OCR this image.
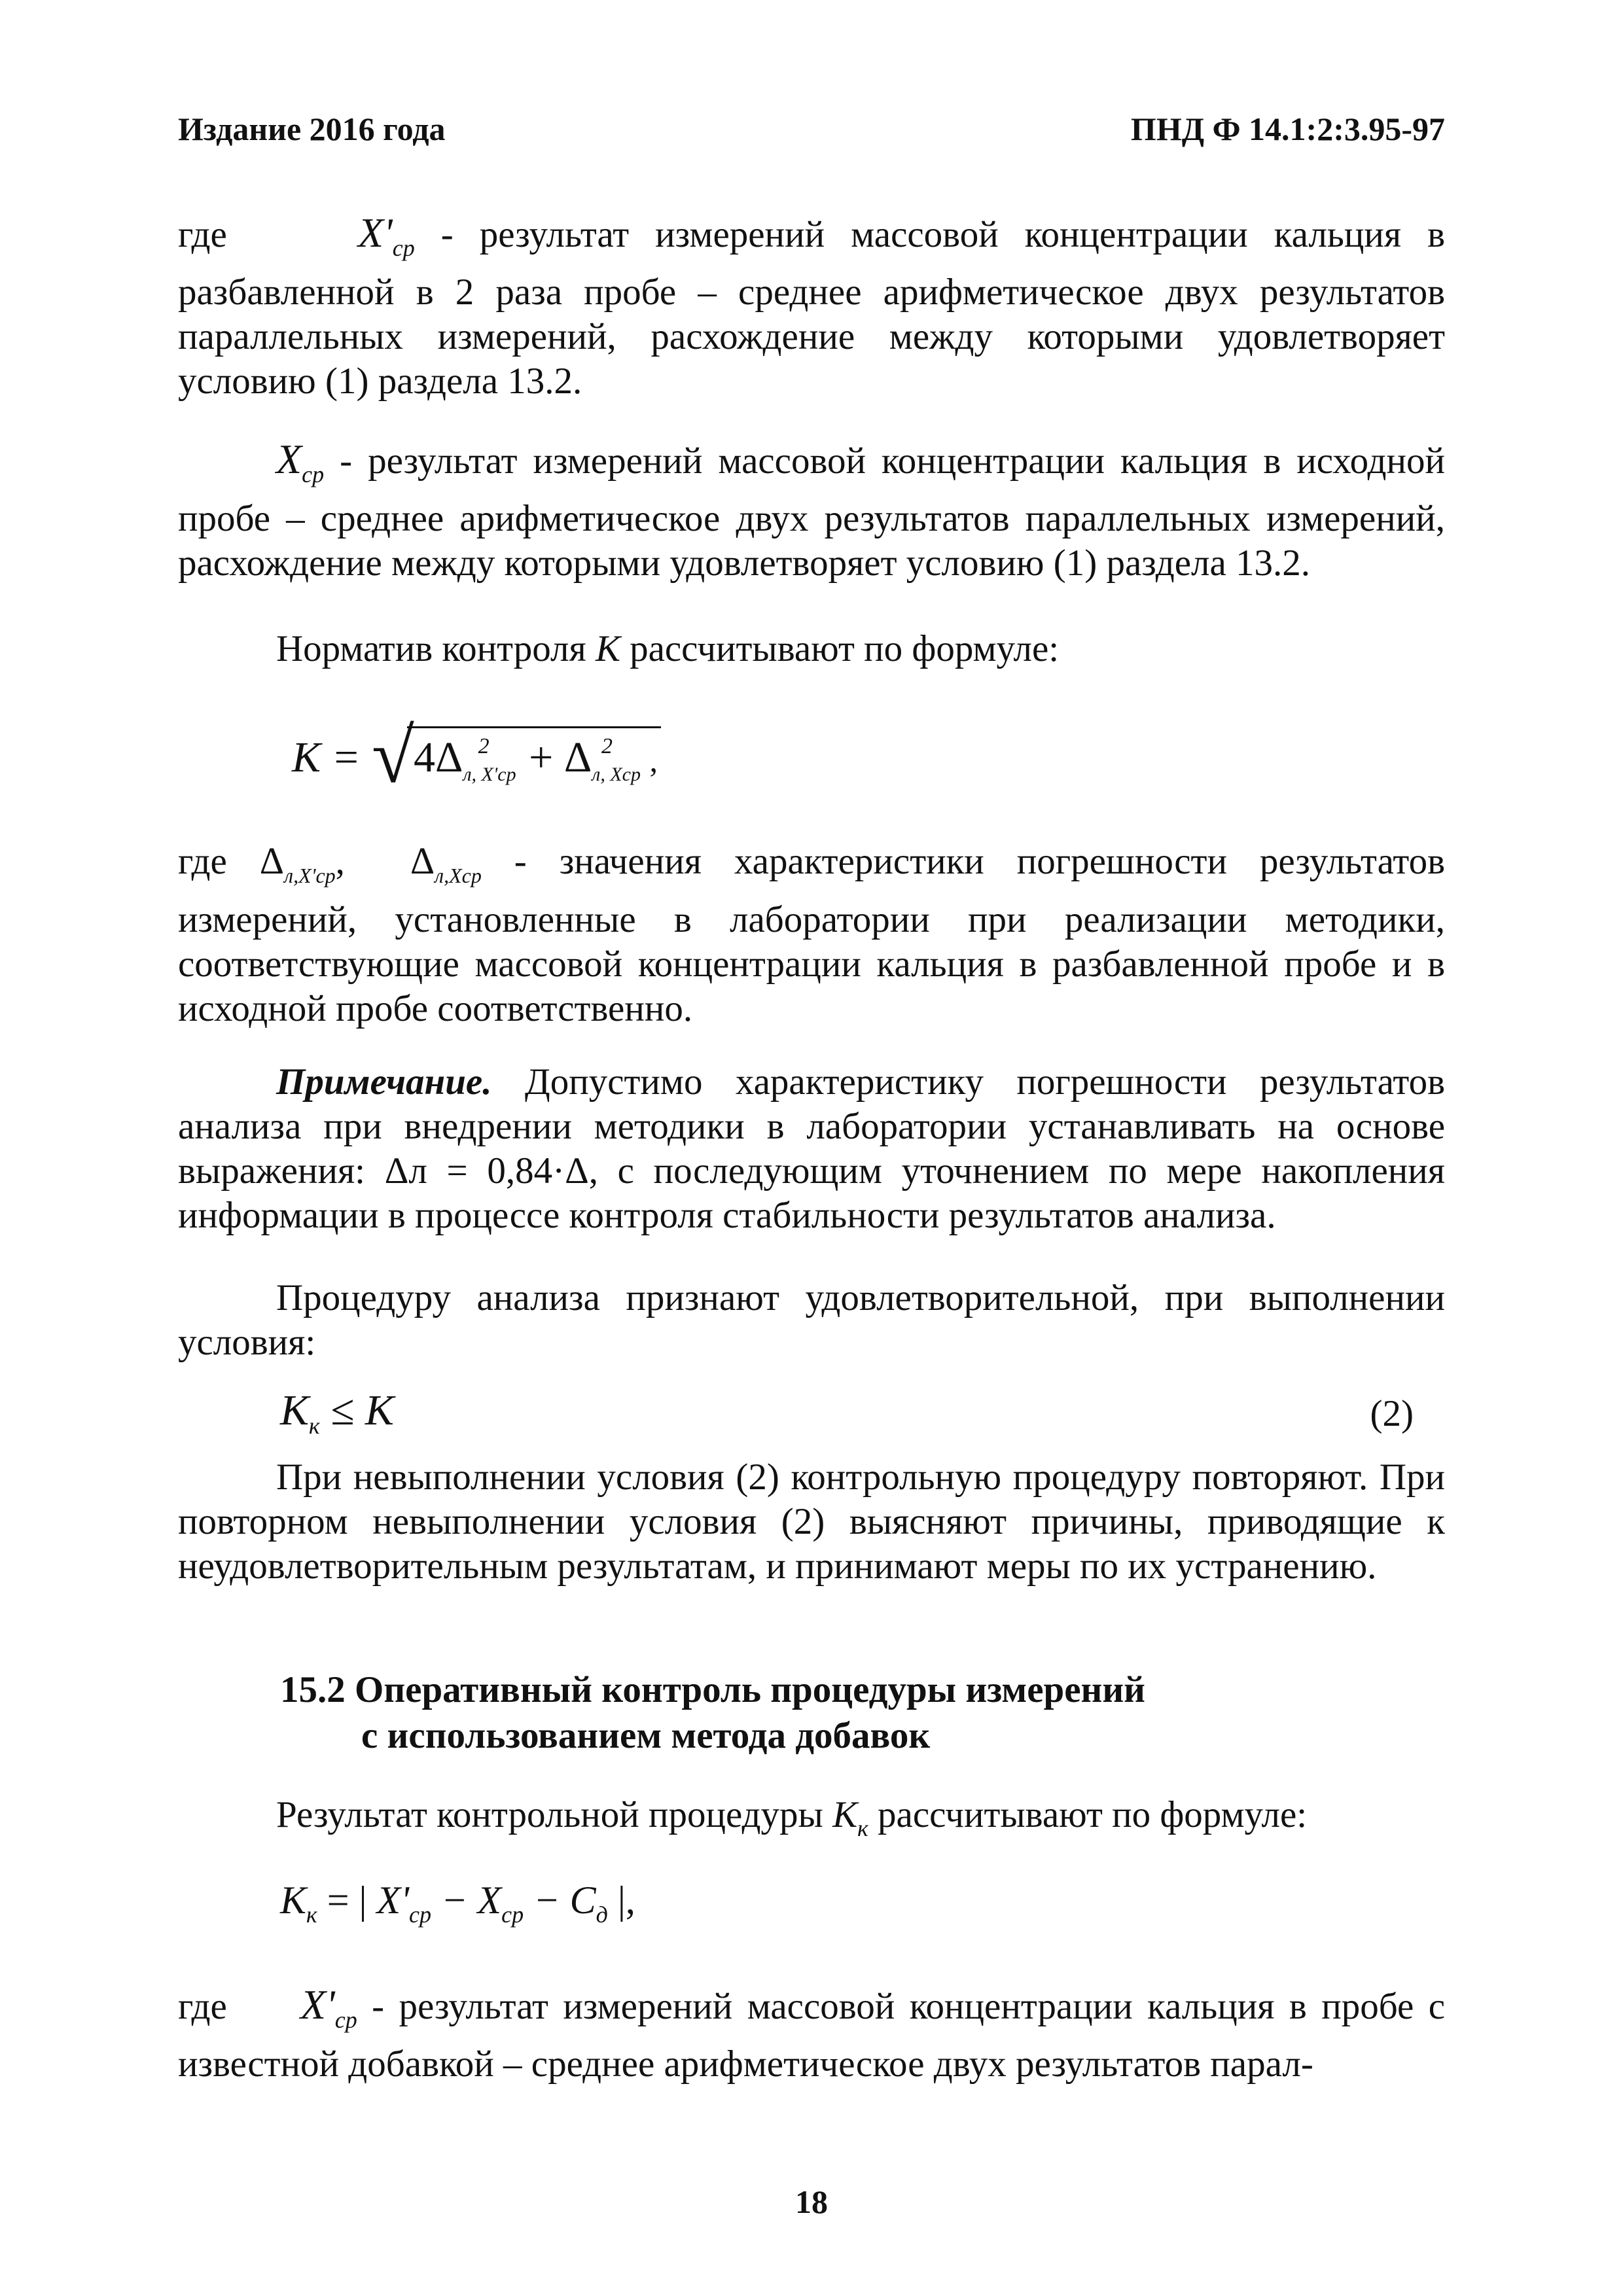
Издание 2016 года	ПНД Ф 14.1:2:3.95-97
где	$X'_{ср}$ - результат измерений массовой концентрации кальция в разбавленной в 2 раза пробе – среднее арифметическое двух результатов параллельных измерений, расхождение между которыми удовлетворяет условию (1) раздела 13.2.
$X_{ср}$ - результат измерений массовой концентрации кальция в исходной пробе – среднее арифметическое двух результатов параллельных измерений, расхождение между которыми удовлетворяет условию (1) раздела 13.2.
Норматив контроля К рассчитывают по формуле:
К = √ $4\Delta_{л, X'ср}^2 + \Delta_{л, Xср}^2$ ,
где $\Delta_{л,X'ср}$, $\Delta_{л,Xср}$ - значения характеристики погрешности результатов измерений, установленные в лаборатории при реализации методики, соответствующие массовой концентрации кальция в разбавленной пробе и в исходной пробе соответственно.
Примечание. Допустимо характеристику погрешности результатов анализа при внедрении методики в лаборатории устанавливать на основе выражения: Δл = 0,84·Δ, с последующим уточнением по мере накопления информации в процессе контроля стабильности результатов анализа.
Процедуру анализа признают удовлетворительной, при выполнении условия:
$К_к \le К$	(2)
При невыполнении условия (2) контрольную процедуру повторяют. При повторном невыполнении условия (2) выясняют причины, приводящие к неудовлетворительным результатам, и принимают меры по их устранению.
15.2 Оперативный контроль процедуры измерений
с использованием метода добавок
Результат контрольной процедуры $К_к$ рассчитывают по формуле:
$К_к$ = | $X'_{ср} - X_{ср} - С_д$ |,
где $X'_{ср}$ - результат измерений массовой концентрации кальция в пробе с известной добавкой – среднее арифметическое двух результатов парал-
18
